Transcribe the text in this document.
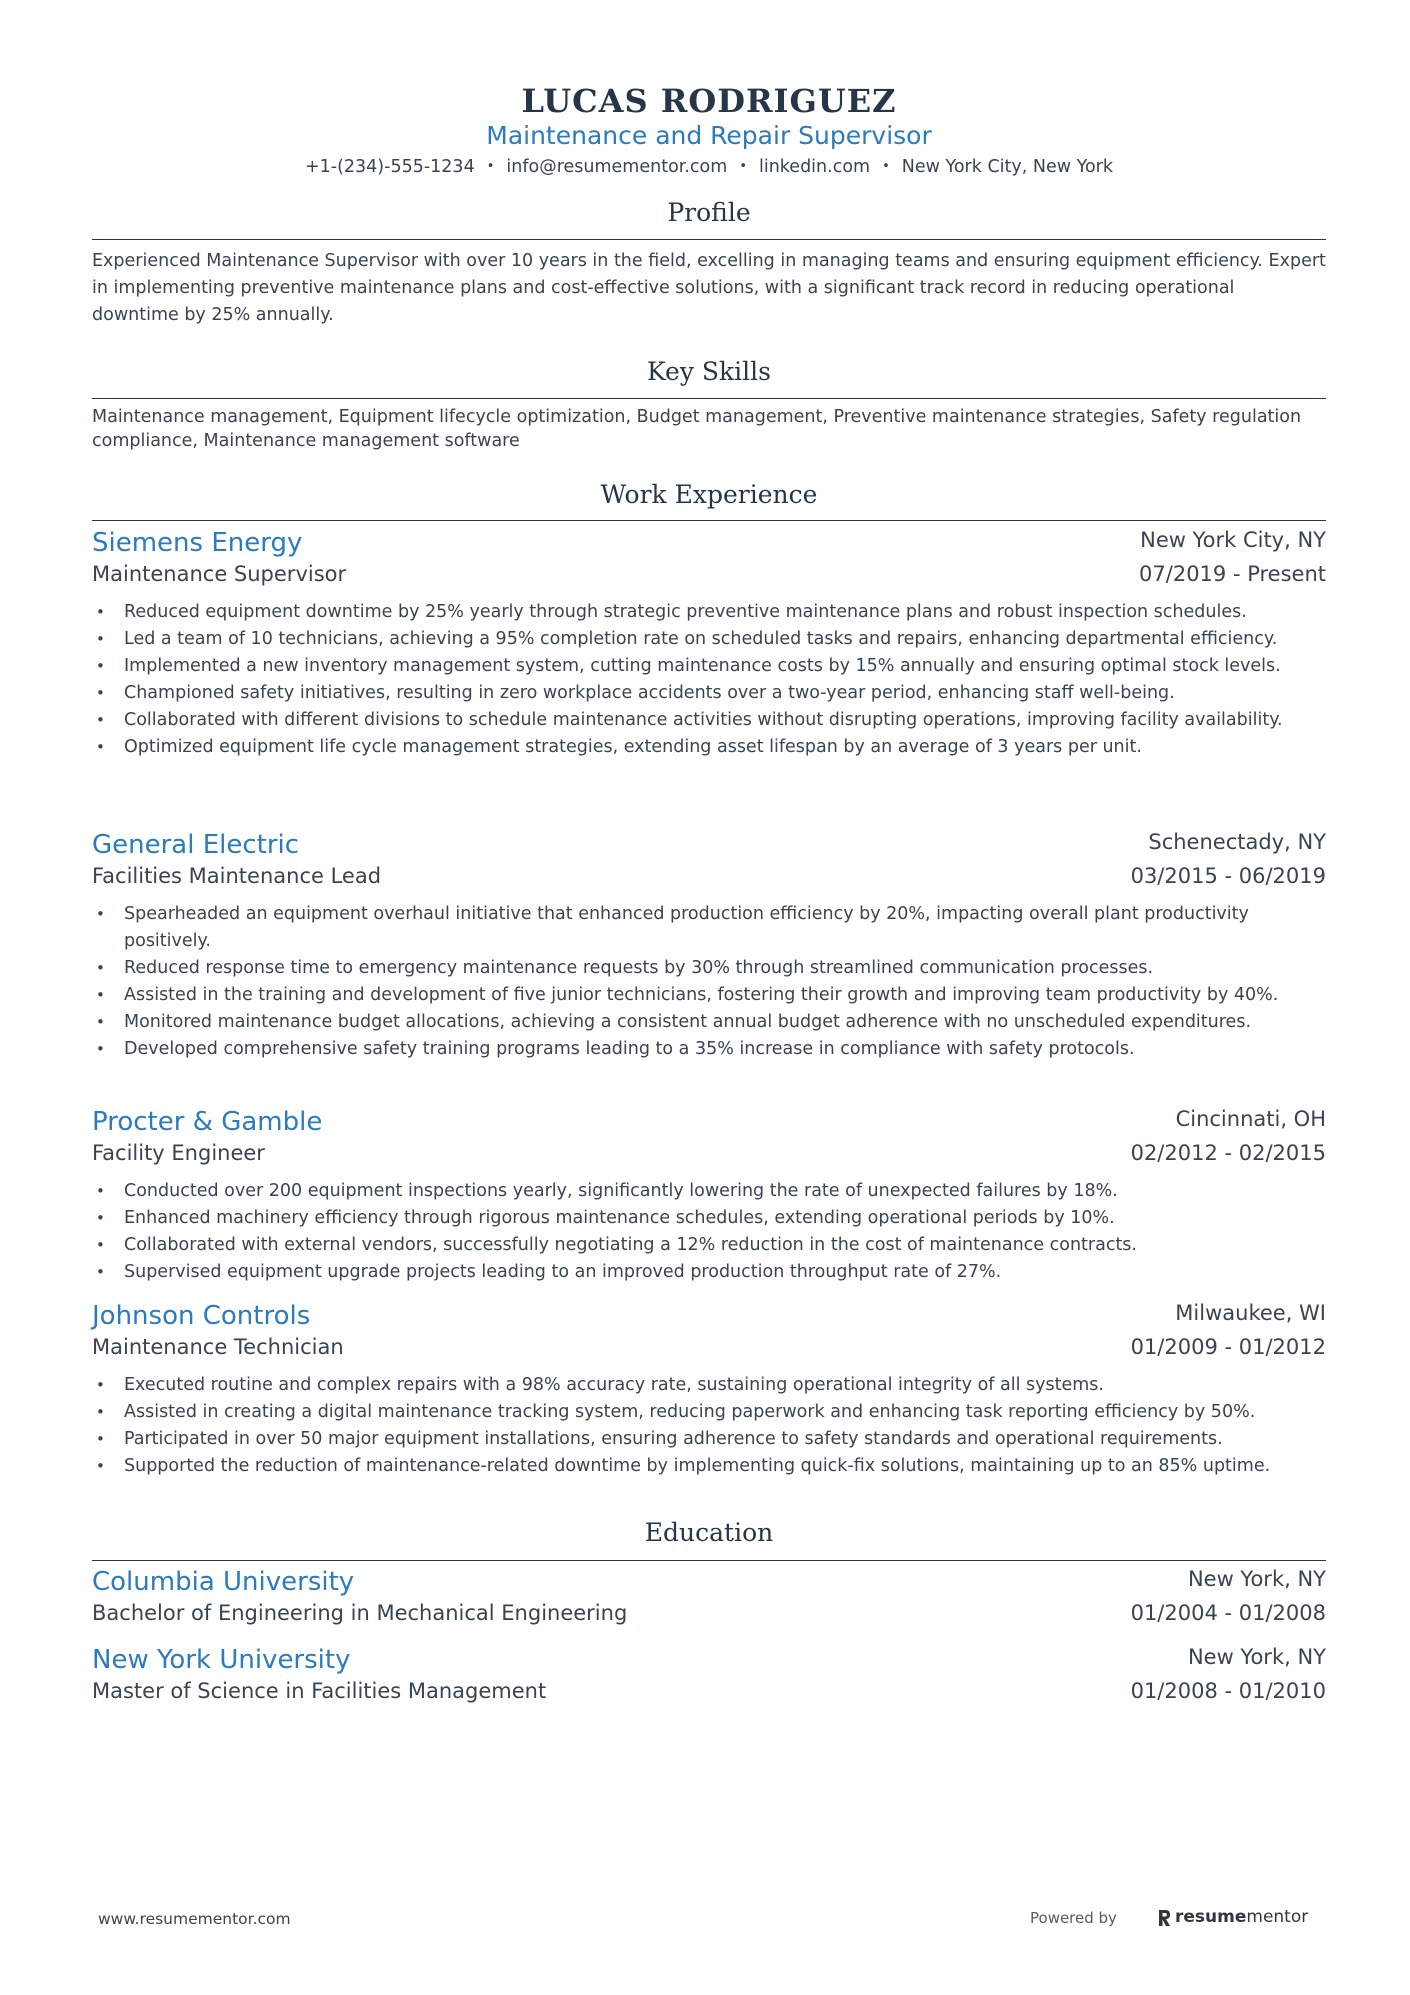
LUCAS RODRIGUEZ
Maintenance and Repair Supervisor
+1-(234)-555-1234 • info@resumementor.com • linkedin.com • New York City, New York
Profile
Experienced Maintenance Supervisor with over 10 years in the field, excelling in managing teams and ensuring equipment efficiency. Expert in implementing preventive maintenance plans and cost-effective solutions, with a significant track record in reducing operational downtime by 25% annually.
Key Skills
Maintenance management, Equipment lifecycle optimization, Budget management, Preventive maintenance strategies, Safety regulation compliance, Maintenance management software
Work Experience
Siemens Energy	New York City, NY
Maintenance Supervisor	07/2019 - Present
• Reduced equipment downtime by 25% yearly through strategic preventive maintenance plans and robust inspection schedules.
• Led a team of 10 technicians, achieving a 95% completion rate on scheduled tasks and repairs, enhancing departmental efficiency.
• Implemented a new inventory management system, cutting maintenance costs by 15% annually and ensuring optimal stock levels.
• Championed safety initiatives, resulting in zero workplace accidents over a two-year period, enhancing staff well-being.
• Collaborated with different divisions to schedule maintenance activities without disrupting operations, improving facility availability.
• Optimized equipment life cycle management strategies, extending asset lifespan by an average of 3 years per unit.
General Electric	Schenectady, NY
Facilities Maintenance Lead	03/2015 - 06/2019
• Spearheaded an equipment overhaul initiative that enhanced production efficiency by 20%, impacting overall plant productivity positively.
• Reduced response time to emergency maintenance requests by 30% through streamlined communication processes.
• Assisted in the training and development of five junior technicians, fostering their growth and improving team productivity by 40%.
• Monitored maintenance budget allocations, achieving a consistent annual budget adherence with no unscheduled expenditures.
• Developed comprehensive safety training programs leading to a 35% increase in compliance with safety protocols.
Procter & Gamble	Cincinnati, OH
Facility Engineer	02/2012 - 02/2015
• Conducted over 200 equipment inspections yearly, significantly lowering the rate of unexpected failures by 18%.
• Enhanced machinery efficiency through rigorous maintenance schedules, extending operational periods by 10%.
• Collaborated with external vendors, successfully negotiating a 12% reduction in the cost of maintenance contracts.
• Supervised equipment upgrade projects leading to an improved production throughput rate of 27%.
Johnson Controls	Milwaukee, WI
Maintenance Technician	01/2009 - 01/2012
• Executed routine and complex repairs with a 98% accuracy rate, sustaining operational integrity of all systems.
• Assisted in creating a digital maintenance tracking system, reducing paperwork and enhancing task reporting efficiency by 50%.
• Participated in over 50 major equipment installations, ensuring adherence to safety standards and operational requirements.
• Supported the reduction of maintenance-related downtime by implementing quick-fix solutions, maintaining up to an 85% uptime.
Education
Columbia University	New York, NY
Bachelor of Engineering in Mechanical Engineering	01/2004 - 01/2008
New York University	New York, NY
Master of Science in Facilities Management	01/2008 - 01/2010
www.resumementor.com	Powered by	resumementor
